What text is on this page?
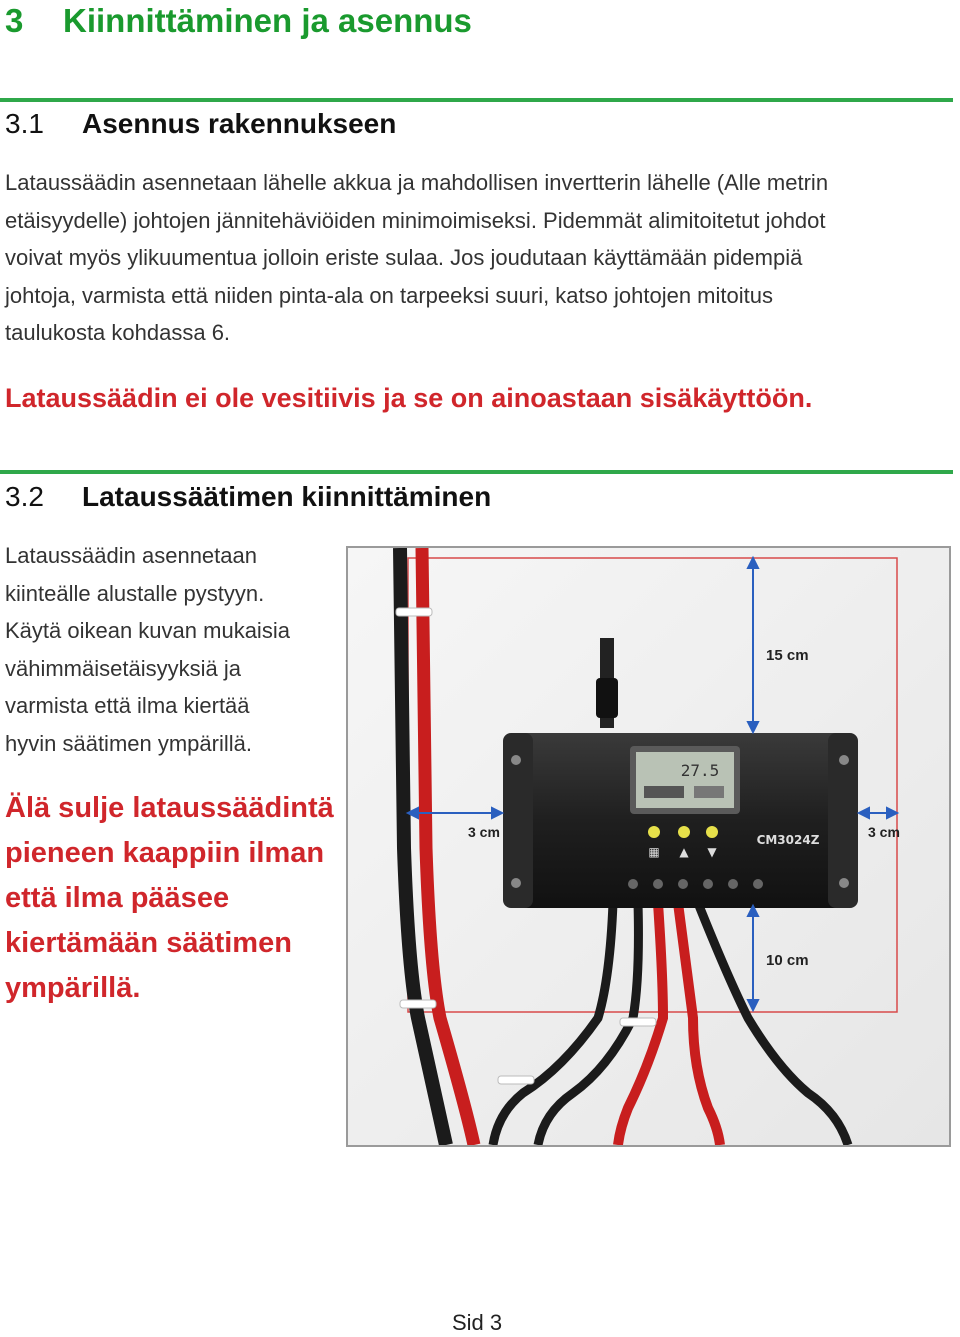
3 Kiinnittäminen ja asennus
3.1 Asennus rakennukseen
Lataussäädin asennetaan lähelle akkua ja mahdollisen invertterin lähelle (Alle metrin
etäisyydelle) johtojen jännitehäviöiden minimoimiseksi. Pidemmät alimitoitetut johdot
voivat myös ylikuumentua jolloin eriste sulaa. Jos joudutaan käyttämään pidempiä
johtoja, varmista että niiden pinta-ala on tarpeeksi suuri, katso johtojen mitoitus
taulukosta kohdassa 6.
Lataussäädin ei ole vesitiivis ja se on ainoastaan sisäkäyttöön.
3.2 Lataussäätimen kiinnittäminen
Lataussäädin asennetaan
kiinteälle alustalle pystyyn.
Käytä oikean kuvan mukaisia
vähimmäisetäisyyksiä ja
varmista että ilma kiertää
hyvin säätimen ympärillä.
Älä sulje lataussäädintä
pieneen kaappiin ilman
että ilma pääsee
kiertämään säätimen
ympärillä.
27.5
▦ ▲ ▼
CM3024Z
15 cm
10 cm
3 cm	3 cm
Sid 3
